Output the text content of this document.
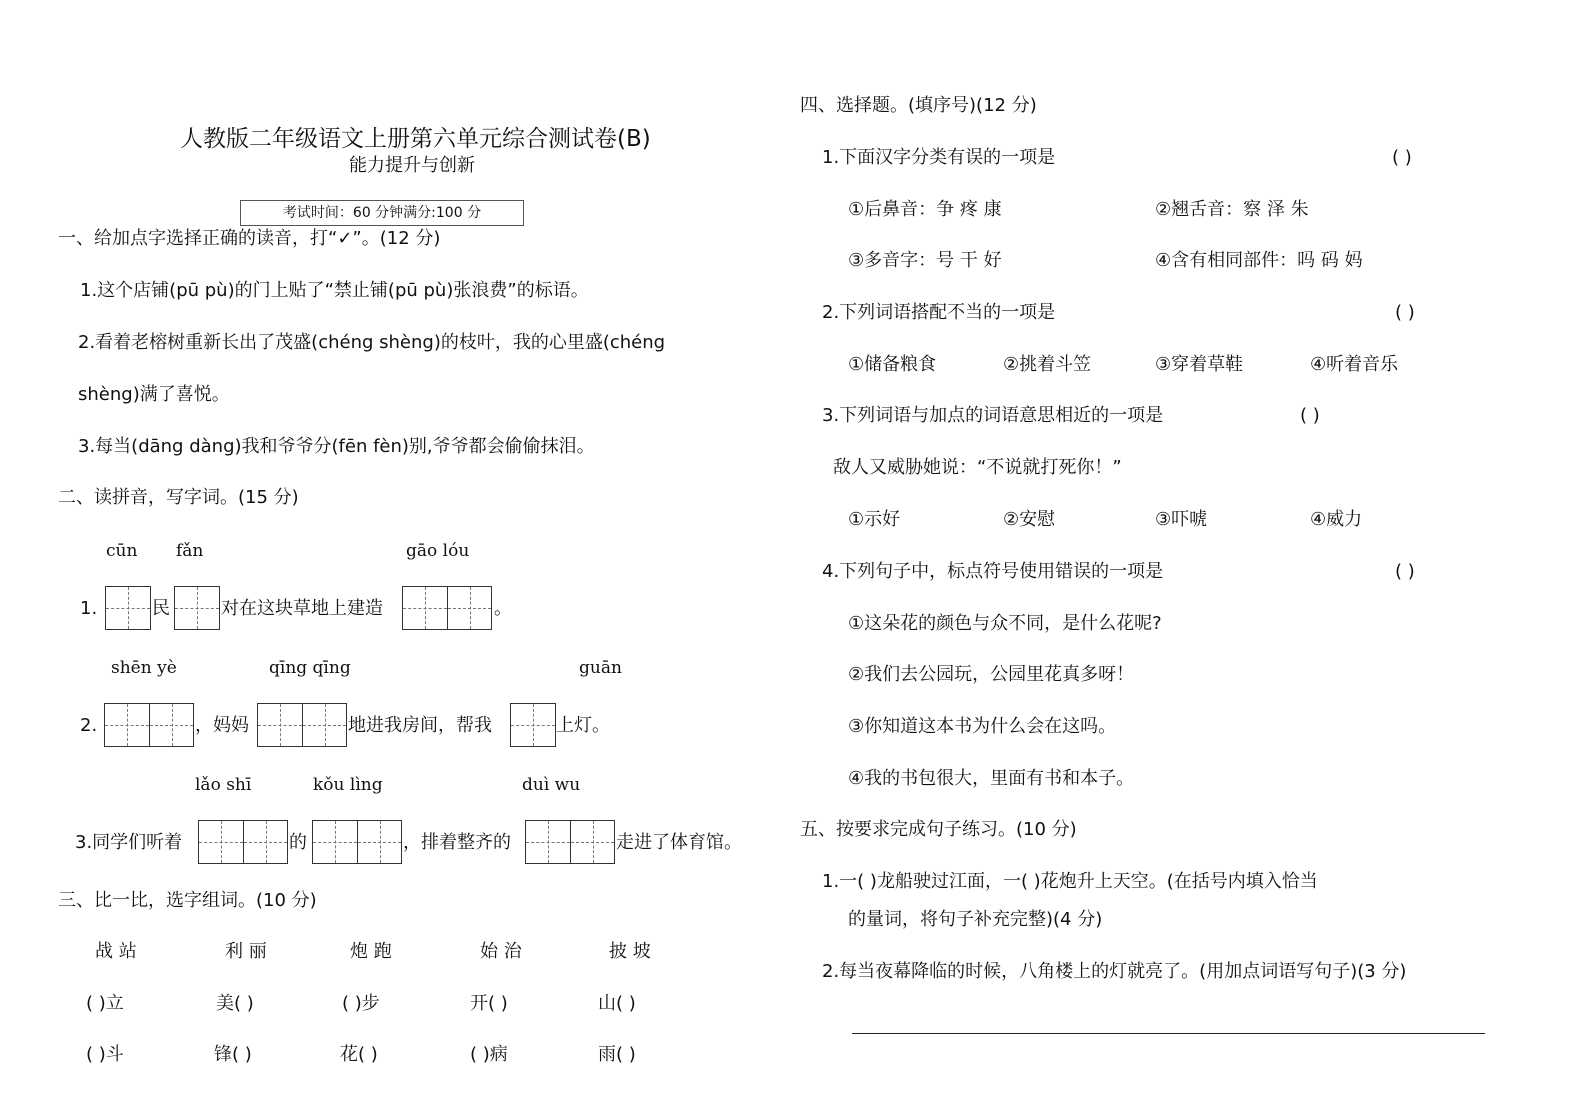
人教版二年级语文上册第六单元综合测试卷(B)
能力提升与创新
考试时间：60 分钟满分:100 分
一、给加点字选择正确的读音，打“✓”。(12 分)
1.这个店铺(pū pù)的门上贴了“禁止铺(pū pù)张浪费”的标语。
2.看着老榕树重新长出了茂盛(chéng shèng)的枝叶，我的心里盛(chéng
shèng)满了喜悦。
3.每当(dāng dàng)我和爷爷分(fēn fèn)别,爷爷都会偷偷抹泪。
二、读拼音，写字词。(15 分)
cūn fǎn	gāo lóu
1.	民	对在这块草地上建造	。
shēn yè	qīng qīng	guān
2.	，妈妈	地进我房间，帮我	上灯。
lǎo shī	kǒu lìng	duì wu
3.同学们听着	的	，排着整齐的	走进了体育馆。
三、比一比，选字组词。(10 分)
战 站	利 丽	炮 跑	始 治	披 坡
( )立	美( )	( )步	开( )	山( )
( )斗	锋( )	花( )	( )病	雨( )
四、选择题。(填序号)(12 分)
1.下面汉字分类有误的一项是	( )
①后鼻音：争 疼 康	②翘舌音：察 泽 朱
③多音字：号 干 好	④含有相同部件：吗 码 妈
2.下列词语搭配不当的一项是	( )
①储备粮食	②挑着斗笠	③穿着草鞋	④听着音乐
3.下列词语与加点的词语意思相近的一项是	( )
敌人又威胁她说：“不说就打死你！”
①示好	②安慰	③吓唬	④威力
4.下列句子中，标点符号使用错误的一项是	( )
①这朵花的颜色与众不同，是什么花呢?
②我们去公园玩，公园里花真多呀！
③你知道这本书为什么会在这吗。
④我的书包很大，里面有书和本子。
五、按要求完成句子练习。(10 分)
1.一( )龙船驶过江面，一( )花炮升上天空。(在括号内填入恰当
的量词，将句子补充完整)(4 分)
2.每当夜幕降临的时候，八角楼上的灯就亮了。(用加点词语写句子)(3 分)
